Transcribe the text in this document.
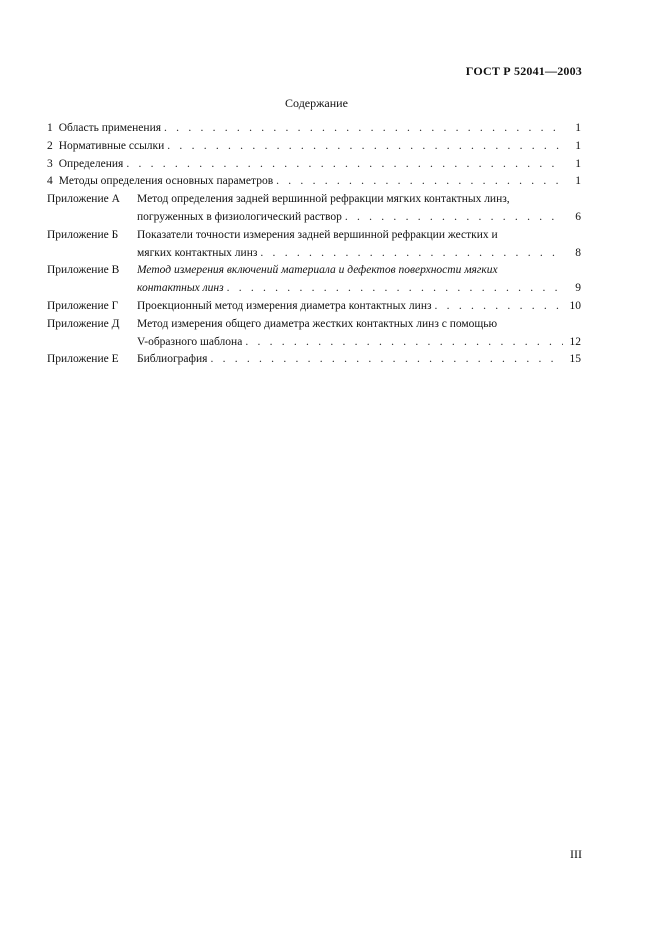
ГОСТ Р 52041—2003
Содержание
1 Область применения . . .	1
2 Нормативные ссылки . . .	1
3 Определения . . .	1
4 Методы определения основных параметров . . .	1
Приложение А	Метод определения задней вершинной рефракции мягких контактных линз,
погруженных в физиологический раствор . . .	6
Приложение Б	Показатели точности измерения задней вершинной рефракции жестких и
мягких контактных линз . . .	8
Приложение В	Метод измерения включений материала и дефектов поверхности мягких
контактных линз . . .	9
Приложение Г	Проекционный метод измерения диаметра контактных линз . . .	10
Приложение Д	Метод измерения общего диаметра жестких контактных линз с помощью
V-образного шаблона . . .	12
Приложение Е	Библиография . . .	15
III
